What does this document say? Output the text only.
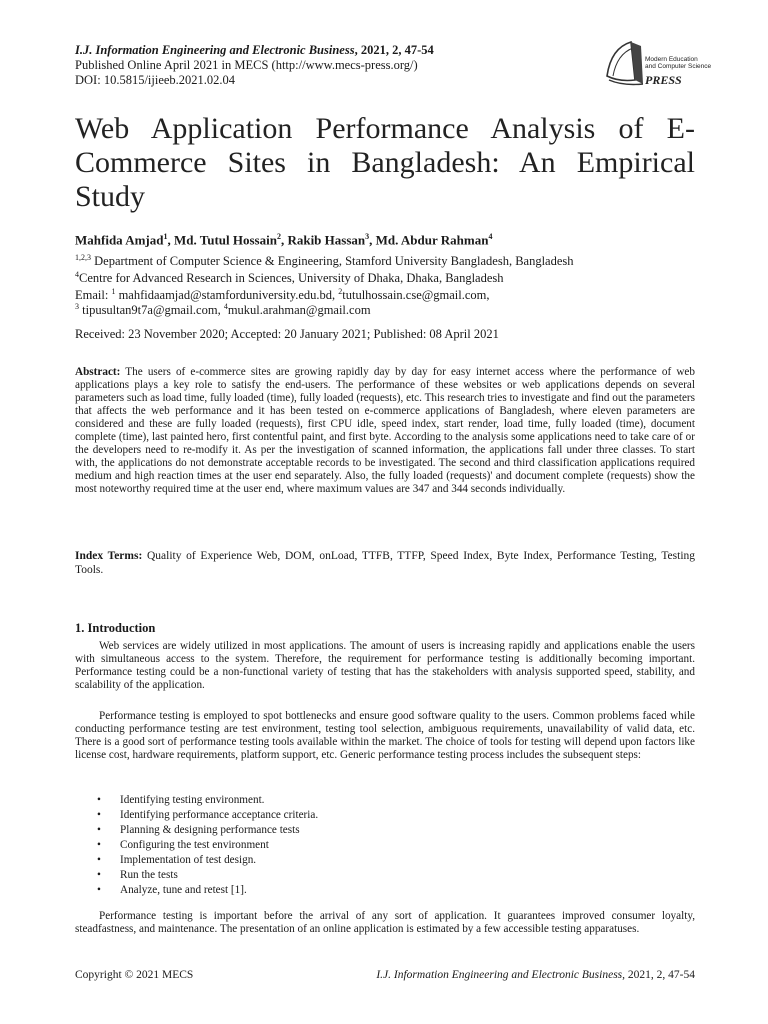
I.J. Information Engineering and Electronic Business, 2021, 2, 47-54
Published Online April 2021 in MECS (http://www.mecs-press.org/)
DOI: 10.5815/ijieeb.2021.02.04
Modern Education
and Computer Science
PRESS
Web Application Performance Analysis of E-Commerce Sites in Bangladesh: An Empirical Study
Mahfida Amjad$^1$, Md. Tutul Hossain$^2$, Rakib Hassan$^3$, Md. Abdur Rahman$^4$
$^{1,2,3}$ Department of Computer Science & Engineering, Stamford University Bangladesh, Bangladesh
$^4$Centre for Advanced Research in Sciences, University of Dhaka, Dhaka, Bangladesh
Email: $^1$ mahfidaamjad@stamforduniversity.edu.bd, $^2$tutulhossain.cse@gmail.com,
$^3$ tipusultan9t7a@gmail.com, $^4$mukul.arahman@gmail.com
Received: 23 November 2020; Accepted: 20 January 2021; Published: 08 April 2021
Abstract: The users of e-commerce sites are growing rapidly day by day for easy internet access where the performance of web applications plays a key role to satisfy the end-users. The performance of these websites or web applications depends on several parameters such as load time, fully loaded (time), fully loaded (requests), etc. This research tries to investigate and find out the parameters that affects the web performance and it has been tested on e-commerce applications of Bangladesh, where eleven parameters are considered and these are fully loaded (requests), first CPU idle, speed index, start render, load time, fully loaded (time), document complete (time), last painted hero, first contentful paint, and first byte. According to the analysis some applications need to take care of or the developers need to re-modify it. As per the investigation of scanned information, the applications fall under three classes. To start with, the applications do not demonstrate acceptable records to be investigated. The second and third classification applications required medium and high reaction times at the user end separately. Also, the fully loaded (requests)' and document complete (requests) show the most noteworthy required time at the user end, where maximum values are 347 and 344 seconds individually.
Index Terms: Quality of Experience Web, DOM, onLoad, TTFB, TTFP, Speed Index, Byte Index, Performance Testing, Testing Tools.
1. Introduction
Web services are widely utilized in most applications. The amount of users is increasing rapidly and applications enable the users with simultaneous access to the system. Therefore, the requirement for performance testing is additionally becoming important. Performance testing could be a non-functional variety of testing that has the stakeholders with analysis supported speed, stability, and scalability of the application.
Performance testing is employed to spot bottlenecks and ensure good software quality to the users. Common problems faced while conducting performance testing are test environment, testing tool selection, ambiguous requirements, unavailability of valid data, etc. There is a good sort of performance testing tools available within the market. The choice of tools for testing will depend upon factors like license cost, hardware requirements, platform support, etc. Generic performance testing process includes the subsequent steps:
• Identifying testing environment.
• Identifying performance acceptance criteria.
• Planning & designing performance tests
• Configuring the test environment
• Implementation of test design.
• Run the tests
• Analyze, tune and retest [1].
Performance testing is important before the arrival of any sort of application. It guarantees improved consumer loyalty, steadfastness, and maintenance. The presentation of an online application is estimated by a few accessible testing apparatuses.
Copyright © 2021 MECS	I.J. Information Engineering and Electronic Business, 2021, 2, 47-54
